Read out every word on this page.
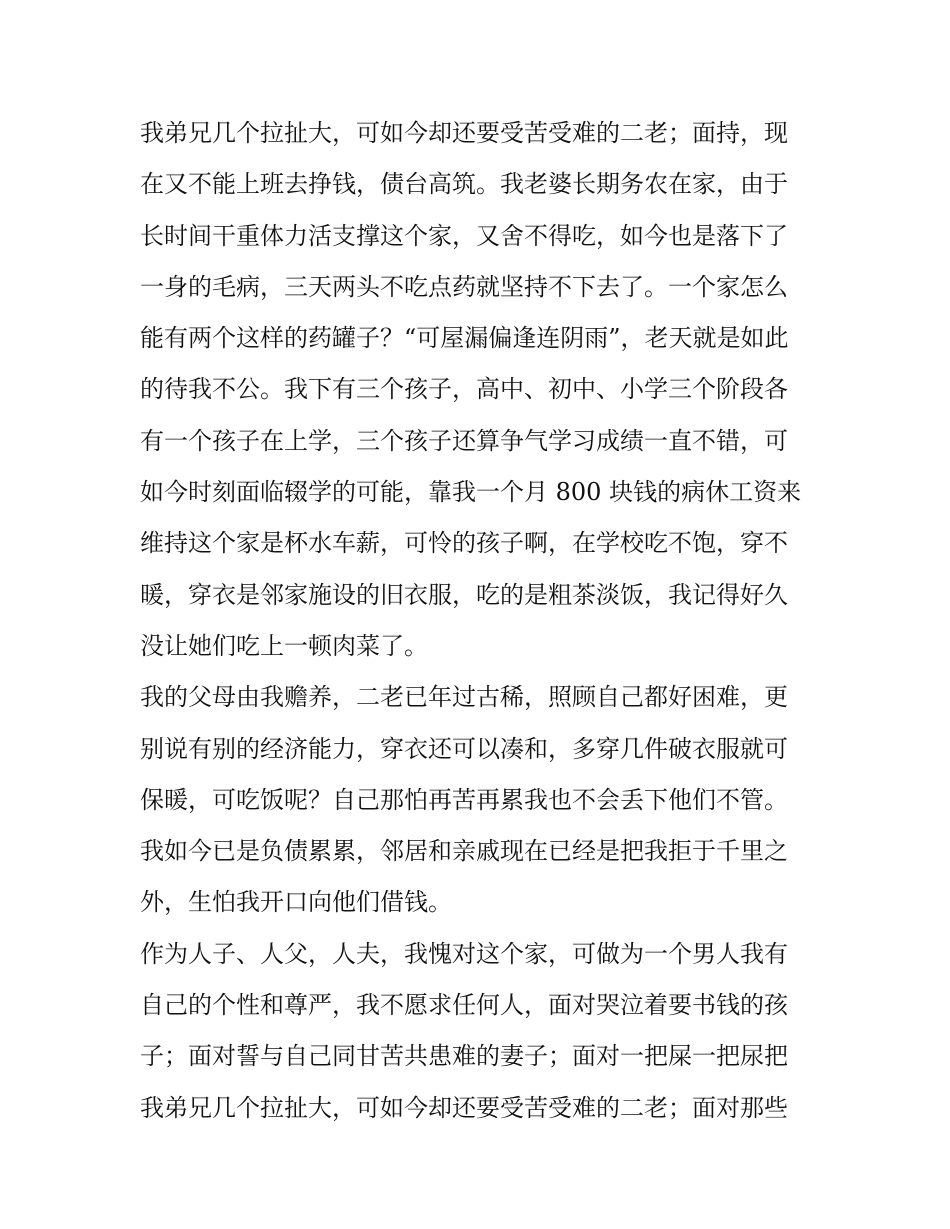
我弟兄几个拉扯大，可如今却还要受苦受难的二老；面持，现
在又不能上班去挣钱，债台高筑。我老婆长期务农在家，由于
长时间干重体力活支撑这个家，又舍不得吃，如今也是落下了
一身的毛病，三天两头不吃点药就坚持不下去了。一个家怎么
能有两个这样的药罐子？“可屋漏偏逢连阴雨”，老天就是如此
的待我不公。我下有三个孩子，高中、初中、小学三个阶段各
有一个孩子在上学，三个孩子还算争气学习成绩一直不错，可
如今时刻面临辍学的可能，靠我一个月 800 块钱的病休工资来
维持这个家是杯水车薪，可怜的孩子啊，在学校吃不饱，穿不
暖，穿衣是邻家施设的旧衣服，吃的是粗茶淡饭，我记得好久
没让她们吃上一顿肉菜了。
我的父母由我赡养，二老已年过古稀，照顾自己都好困难，更
别说有别的经济能力，穿衣还可以凑和，多穿几件破衣服就可
保暖，可吃饭呢？自己那怕再苦再累我也不会丢下他们不管。
我如今已是负债累累，邻居和亲戚现在已经是把我拒于千里之
外，生怕我开口向他们借钱。
作为人子、人父，人夫，我愧对这个家，可做为一个男人我有
自己的个性和尊严，我不愿求任何人，面对哭泣着要书钱的孩
子；面对誓与自己同甘苦共患难的妻子；面对一把屎一把尿把
我弟兄几个拉扯大，可如今却还要受苦受难的二老；面对那些
